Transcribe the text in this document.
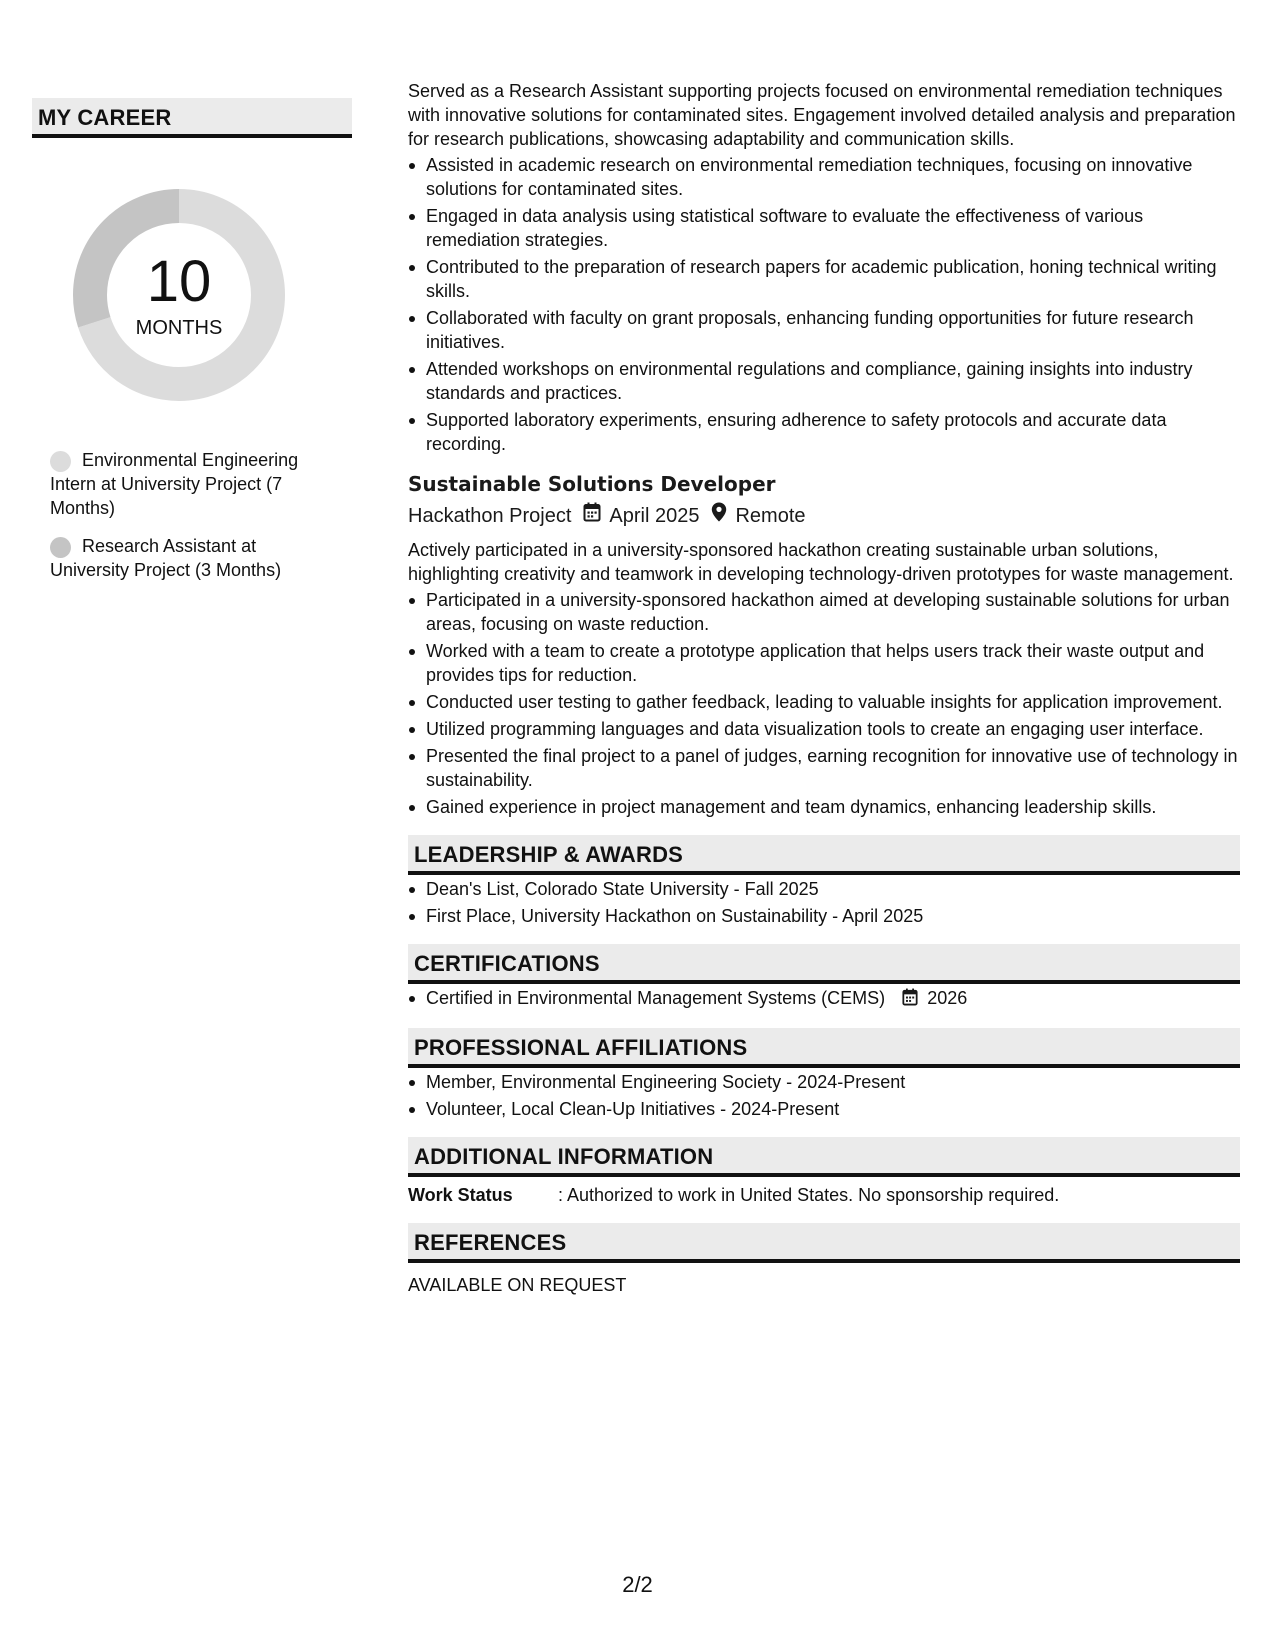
MY CAREER
10
MONTHS
Environmental Engineering Intern at University Project (7 Months)
Research Assistant at University Project (3 Months)

Served as a Research Assistant supporting projects focused on environmental remediation techniques with innovative solutions for contaminated sites. Engagement involved detailed analysis and preparation for research publications, showcasing adaptability and communication skills.

Assisted in academic research on environmental remediation techniques, focusing on innovative solutions for contaminated sites.
Engaged in data analysis using statistical software to evaluate the effectiveness of various remediation strategies.
Contributed to the preparation of research papers for academic publication, honing technical writing skills.
Collaborated with faculty on grant proposals, enhancing funding opportunities for future research initiatives.
Attended workshops on environmental regulations and compliance, gaining insights into industry standards and practices.
Supported laboratory experiments, ensuring adherence to safety protocols and accurate data recording.
Sustainable Solutions Developer
Hackathon Project April 2025 Remote

Actively participated in a university-sponsored hackathon creating sustainable urban solutions, highlighting creativity and teamwork in developing technology-driven prototypes for waste management.

Participated in a university-sponsored hackathon aimed at developing sustainable solutions for urban areas, focusing on waste reduction.
Worked with a team to create a prototype application that helps users track their waste output and provides tips for reduction.
Conducted user testing to gather feedback, leading to valuable insights for application improvement.
Utilized programming languages and data visualization tools to create an engaging user interface.
Presented the final project to a panel of judges, earning recognition for innovative use of technology in sustainability.
Gained experience in project management and team dynamics, enhancing leadership skills.
LEADERSHIP & AWARDS
Dean's List, Colorado State University - Fall 2025
First Place, University Hackathon on Sustainability - April 2025
CERTIFICATIONS
Certified in Environmental Management Systems (CEMS) 2026
PROFESSIONAL AFFILIATIONS
Member, Environmental Engineering Society - 2024-Present
Volunteer, Local Clean-Up Initiatives - 2024-Present
ADDITIONAL INFORMATION
Work Status	: Authorized to work in United States. No sponsorship required.
REFERENCES
AVAILABLE ON REQUEST
2/2
